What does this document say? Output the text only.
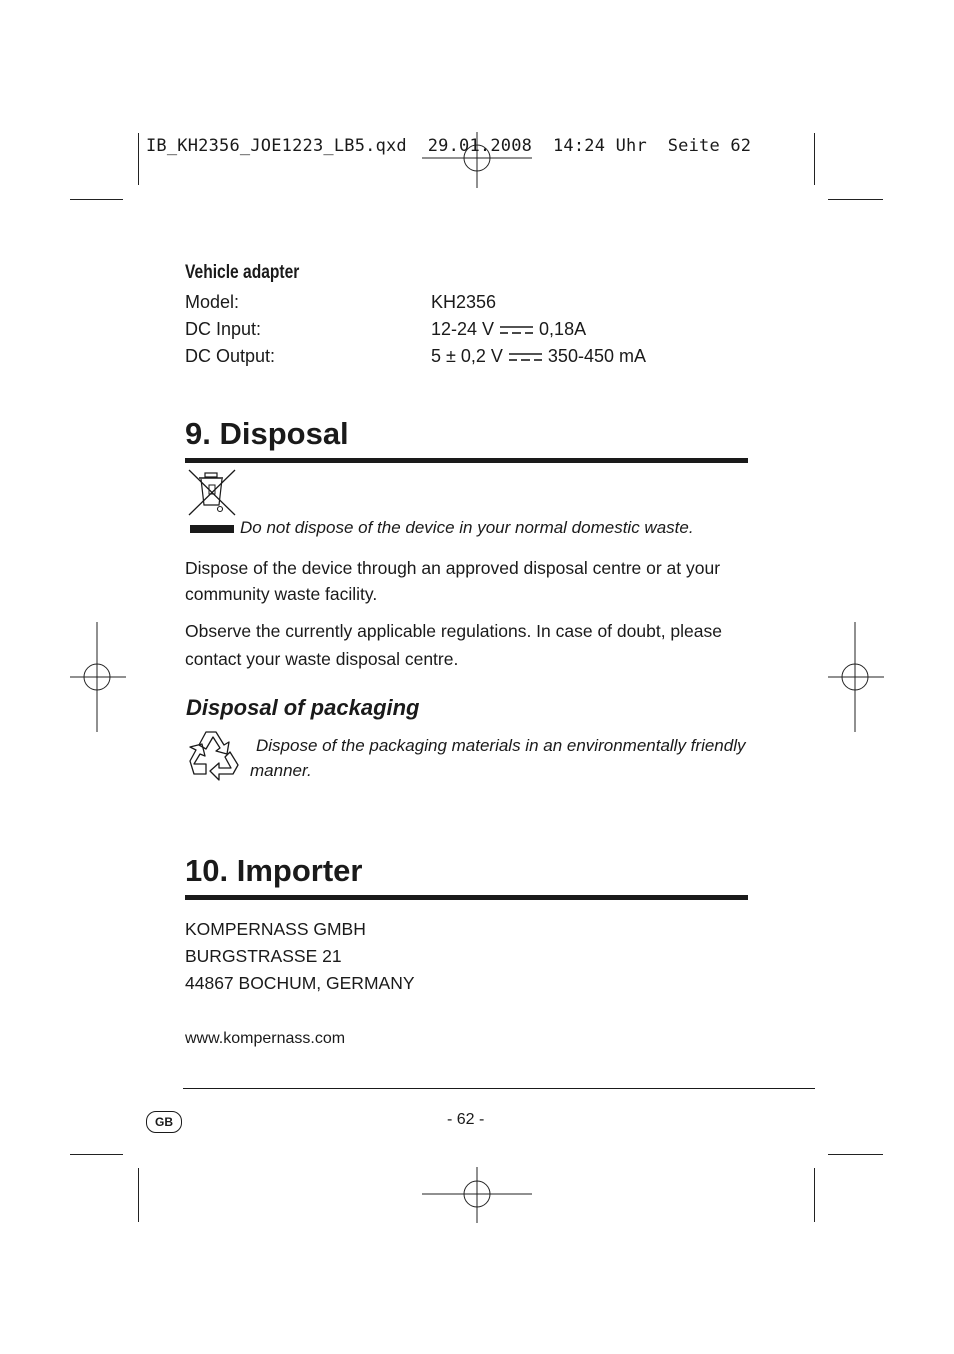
IB_KH2356_JOE1223_LB5.qxd  29.01.2008  14:24 Uhr  Seite 62
Vehicle adapter
Model:	KH2356
DC Input:	12-24 V	0,18A
DC Output:	5 ± 0,2 V	350-450 mA
9. Disposal
Do not dispose of the device in your normal domestic waste.
Dispose of the device through an approved disposal centre or at your community waste facility.
Observe the currently applicable regulations. In case of doubt, please contact your waste disposal centre.
Disposal of packaging
Dispose of the packaging materials in an environmentally friendly manner.
10. Importer
KOMPERNASS GMBH
BURGSTRASSE 21
44867 BOCHUM, GERMANY
www.kompernass.com
GB	- 62 -
